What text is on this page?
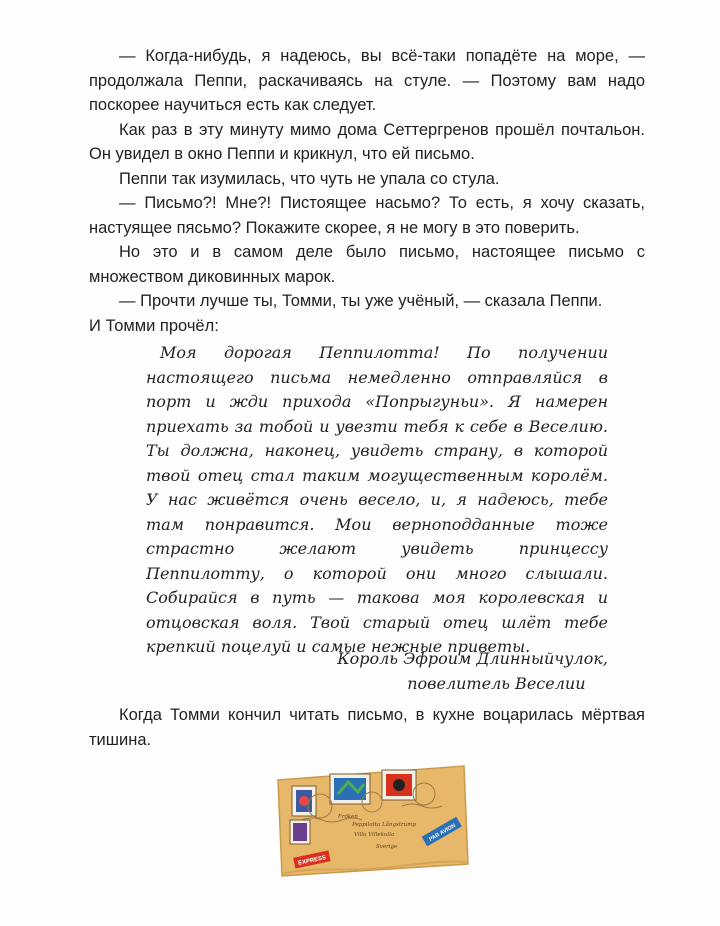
— Когда-нибудь, я надеюсь, вы всё-таки попадёте на море, — продолжала Пеппи, раскачиваясь на стуле. — Поэтому вам надо поскорее научиться есть как следует.

Как раз в эту минуту мимо дома Сеттергренов прошёл почтальон. Он увидел в окно Пеппи и крикнул, что ей письмо.

Пеппи так изумилась, что чуть не упала со стула.

— Письмо?! Мне?! Пистоящее насьмо? То есть, я хочу сказать, настуящее пясьмо? Покажите скорее, я не могу в это поверить.

Но это и в самом деле было письмо, настоящее письмо с множеством диковинных марок.

— Прочти лучше ты, Томми, ты уже учёный, — сказала Пеппи.

И Томми прочёл:

Моя дорогая Пеппилотта! По получении настоящего письма немедленно отправляйся в порт и жди прихода «Попрыгуньи». Я намерен приехать за тобой и увезти тебя к себе в Веселию. Ты должна, наконец, увидеть страну, в которой твой отец стал таким могущественным королём. У нас живётся очень весело, и, я надеюсь, тебе там понравится. Мои верноподданные тоже страстно желают увидеть принцессу Пеппилотту, о которой они много слышали. Собирайся в путь — такова моя королевская и отцовская воля. Твой старый отец шлёт тебе крепкий поцелуй и самые нежные приветы.

Король Эфроим Длинныйчулок,
повелитель Веселии

Когда Томми кончил читать письмо, в кухне воцарилась мёртвая тишина.

Fröken
Peppilotta Långstrump
Villa Villekulla
Sverige
EXPRESS
PAR AVION
